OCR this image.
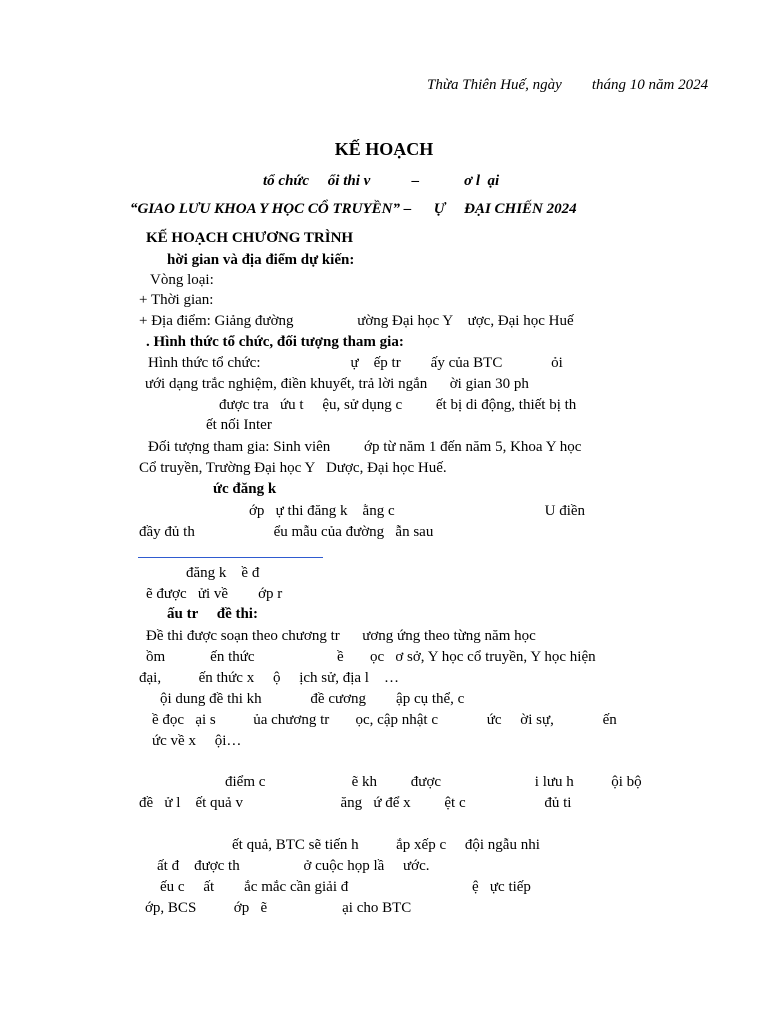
Thừa Thiên Huế, ngày        tháng 10 năm 2024
KẾ HOẠCH
tổ chức     ổi thi v           –            ơ l  ại
“GIAO LƯU KHOA Y HỌC CỔ TRUYỀN” –      Ự     ĐẠI CHIẾN 2024
KẾ HOẠCH CHƯƠNG TRÌNH
hời gian và địa điểm dự kiến:
Vòng loại:
+ Thời gian:
+ Địa điểm: Giảng đường                 ường Đại học Y    ược, Đại học Huế
. Hình thức tổ chức, đối tượng tham gia:
Hình thức tổ chức:                        ự    ếp tr        ấy của BTC             ỏi
ưới dạng trắc nghiệm, điền khuyết, trả lời ngắn      ời gian 30 ph
được tra   ứu t     ệu, sử dụng c         ết bị di động, thiết bị th
ết nối Inter
Đối tượng tham gia: Sinh viên         ớp từ năm 1 đến năm 5, Khoa Y học
Cổ truyền, Trường Đại học Y   Dược, Đại học Huế.
ức đăng k
ớp   ự thi đăng k    ằng c                                        U điền
đầy đủ th                     ểu mẫu của đường   ẫn sau
đăng k    ề đ
ẽ được   ửi về        ớp r
ấu tr     đề thi:
Đề thi được soạn theo chương tr      ương ứng theo từng năm học
ồm            ến thức                      ề       ọc   ơ sở, Y học cổ truyền, Y học hiện
đại,          ến thức x     ộ     ịch sử, địa l    …
ội dung đề thi kh             đề cương        ập cụ thể, c
ề đọc   ại s          ủa chương tr       ọc, cập nhật c             ức     ời sự,             ến
ức về x     ội…
điểm c                       ẽ kh         được                         i lưu h          ội bộ
đề   ử l    ết quả v                          ăng   ứ để x         ệt c                     đủ ti
ết quả, BTC sẽ tiến h          ắp xếp c     đội ngẫu nhi
ất đ    được th                 ở cuộc họp lầ     ước.
ếu c     ất        ắc mắc cần giải đ                                 ệ   ực tiếp
ớp, BCS          ớp   ẽ                    ại cho BTC
